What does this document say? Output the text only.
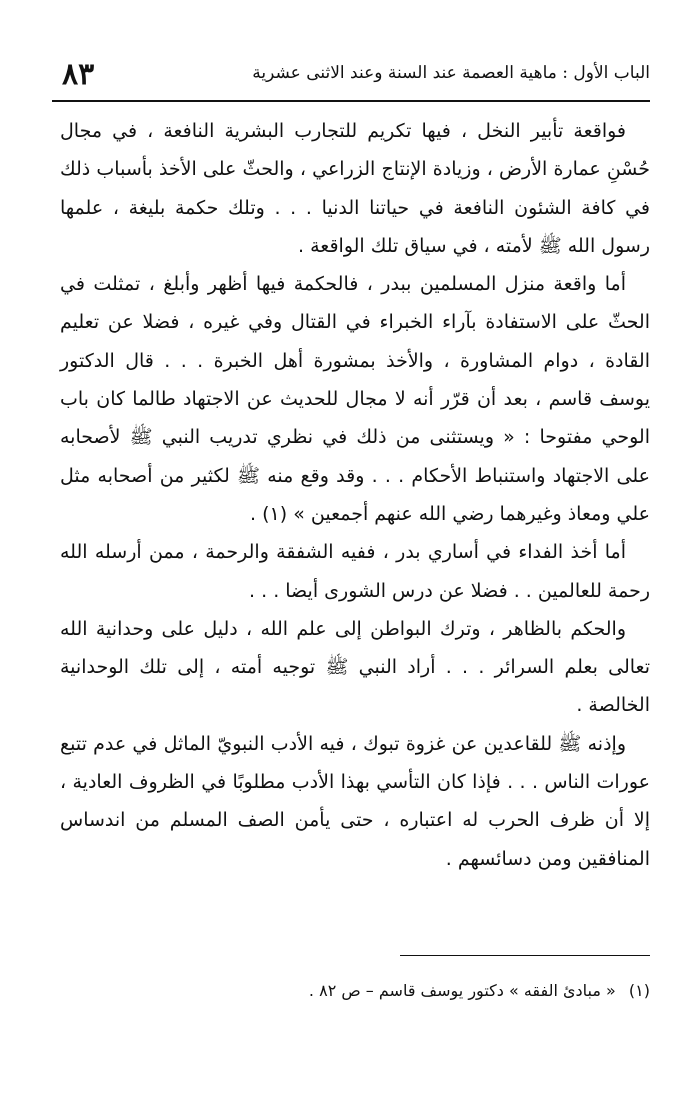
الباب الأول : ماهية العصمة عند السنة وعند الاثنى عشرية
٨٣

فواقعة تأبير النخل ، فيها تكريم للتجارب البشرية النافعة ، في مجال حُسْنِ عمارة الأرض ، وزيادة الإنتاج الزراعي ، والحثّ على الأخذ بأسباب ذلك في كافة الشئون النافعة في حياتنا الدنيا . . . وتلك حكمة بليغة ، علمها رسول الله ﷺ لأمته ، في سياق تلك الواقعة .

أما واقعة منزل المسلمين ببدر ، فالحكمة فيها أظهر وأبلغ ، تمثلت في الحثّ على الاستفادة بآراء الخبراء في القتال وفي غيره ، فضلا عن تعليم القادة ، دوام المشاورة ، والأخذ بمشورة أهل الخبرة . . . قال الدكتور يوسف قاسم ، بعد أن قرّر أنه لا مجال للحديث عن الاجتهاد طالما كان باب الوحي مفتوحا : « ويستثنى من ذلك في نظري تدريب النبي ﷺ لأصحابه على الاجتهاد واستنباط الأحكام . . . وقد وقع منه ﷺ لكثير من أصحابه مثل علي ومعاذ وغيرهما رضي الله عنهم أجمعين » (١) .

أما أخذ الفداء في أساري بدر ، ففيه الشفقة والرحمة ، ممن أرسله الله رحمة للعالمين . . فضلا عن درس الشورى أيضا . . .

والحكم بالظاهر ، وترك البواطن إلى علم الله ، دليل على وحدانية الله تعالى بعلم السرائر . . . أراد النبي ﷺ توجيه أمته ، إلى تلك الوحدانية الخالصة .

وإذنه ﷺ للقاعدين عن غزوة تبوك ، فيه الأدب النبويّ الماثل في عدم تتبع عورات الناس . . . فإذا كان التأسي بهذا الأدب مطلوبًا في الظروف العادية ، إلا أن ظرف الحرب له اعتباره ، حتى يأمن الصف المسلم من اندساس المنافقين ومن دسائسهم .

(١) « مبادئ الفقه » دكتور يوسف قاسم – ص ٨٢ .
